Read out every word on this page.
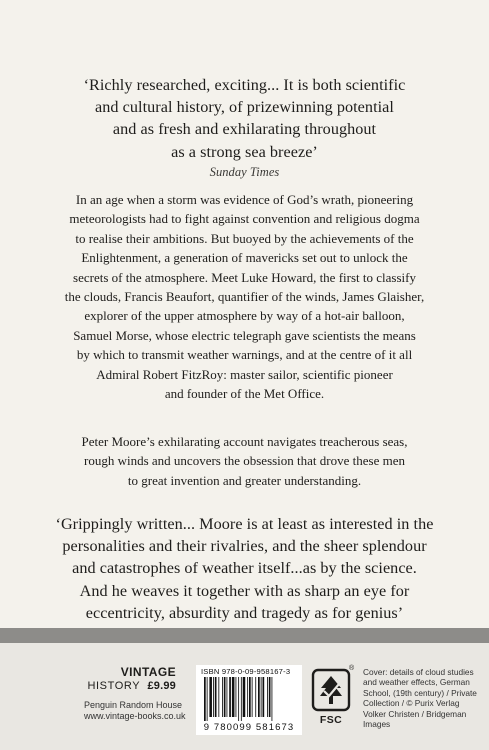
‘Richly researched, exciting... It is both scientific

and cultural history, of prizewinning potential

and as fresh and exhilarating throughout

as a strong sea breeze’

Sunday Times

In an age when a storm was evidence of God’s wrath, pioneering
meteorologists had to fight against convention and religious dogma
to realise their ambitions. But buoyed by the achievements of the
Enlightenment, a generation of mavericks set out to unlock the
secrets of the atmosphere. Meet Luke Howard, the first to classify
the clouds, Francis Beaufort, quantifier of the winds, James Glaisher,
explorer of the upper atmosphere by way of a hot-air balloon,
Samuel Morse, whose electric telegraph gave scientists the means
by which to transmit weather warnings, and at the centre of it all
Admiral Robert FitzRoy: master sailor, scientific pioneer
and founder of the Met Office.
Peter Moore’s exhilarating account navigates treacherous seas,
rough winds and uncovers the obsession that drove these men
to great invention and greater understanding.

‘Grippingly written... Moore is at least as interested in the

personalities and their rivalries, and the sheer splendour

and catastrophes of weather itself...as by the science.

And he weaves it together with as sharp an eye for

eccentricity, absurdity and tragedy as for genius’

VINTAGE
HISTORY £9.99
Penguin Random House
www.vintage-books.co.uk
ISBN 978-0-09-958167-3
9 780099 581673
®
FSC
Cover: details of cloud studies
and weather effects, German
School, (19th century) / Private
Collection / © Purix Verlag
Volker Christen / Bridgeman
Images
